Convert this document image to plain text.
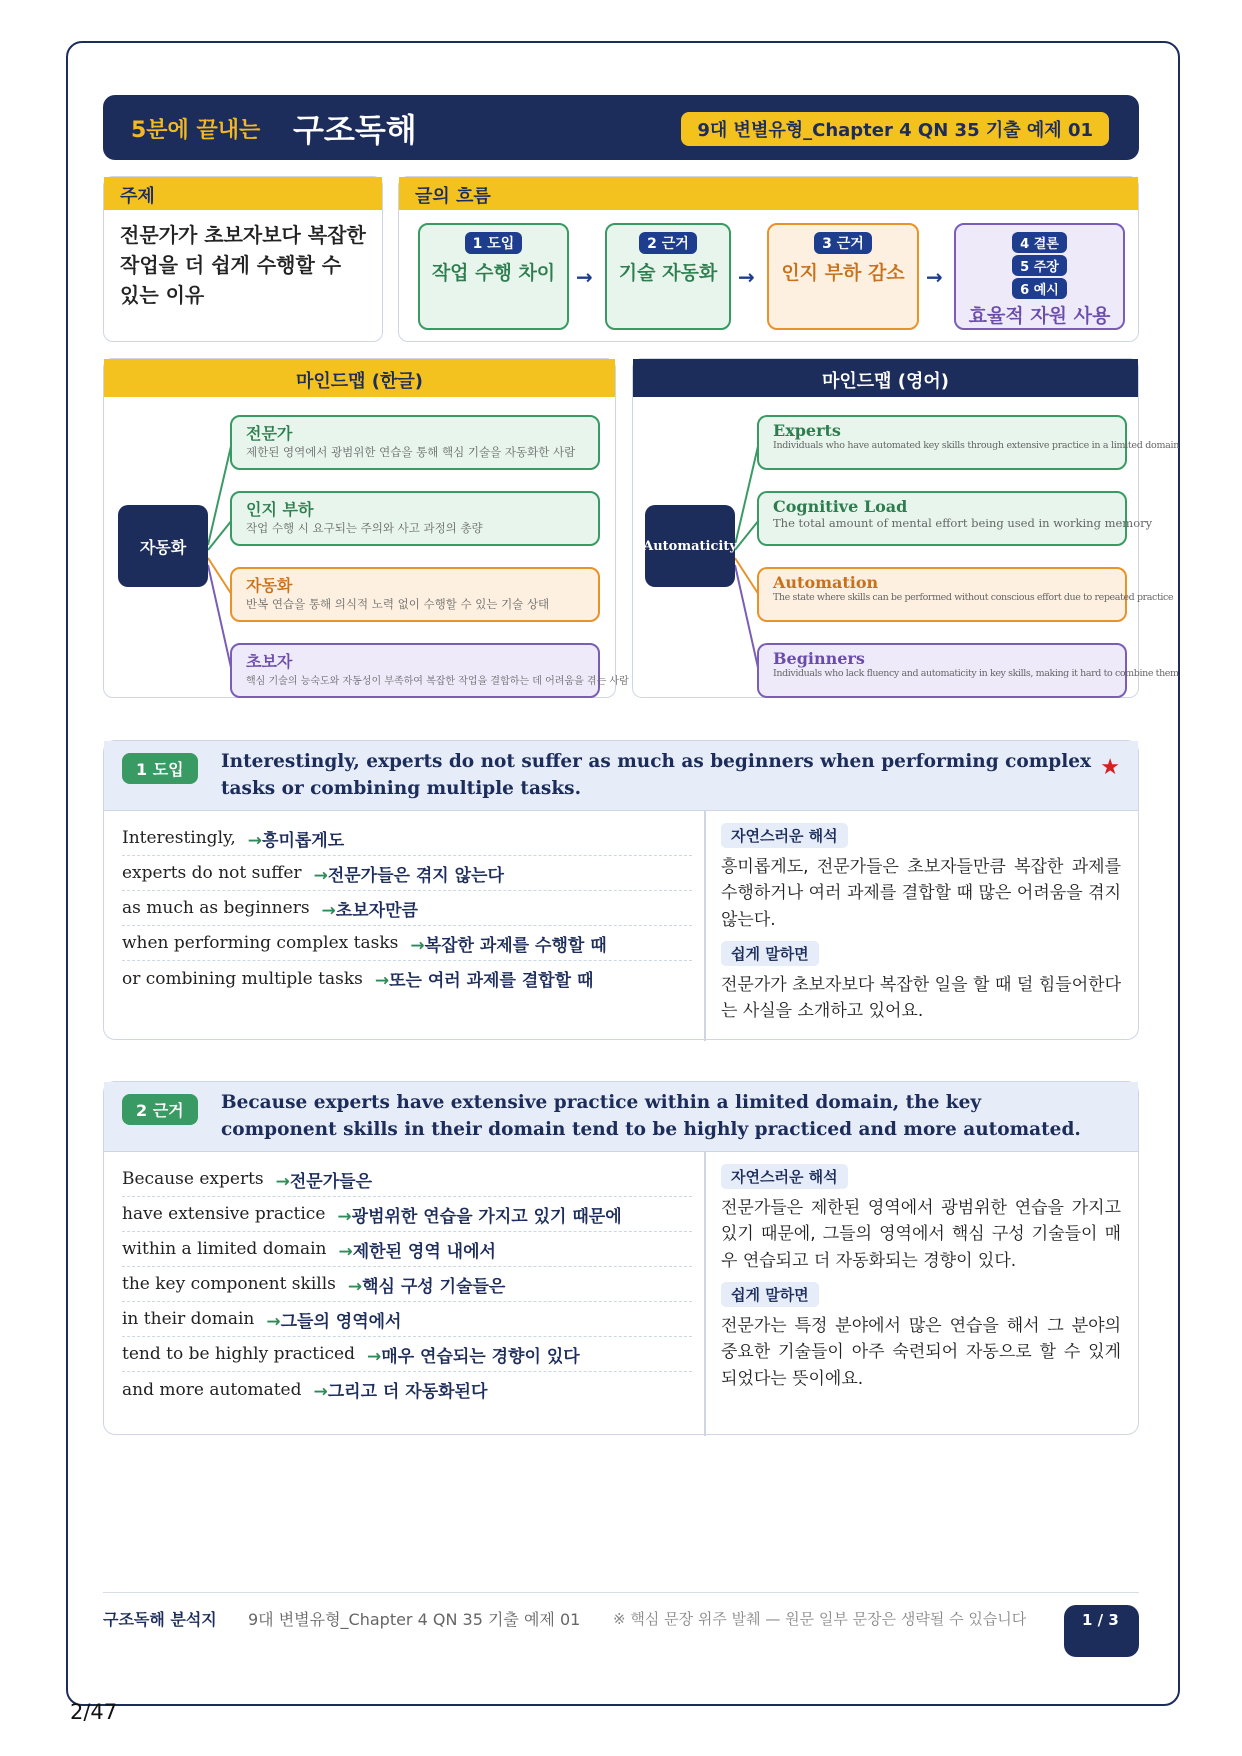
5분에 끝내는 구조독해	9대 변별유형_Chapter 4 QN 35 기출 예제 01
주제
전문가가 초보자보다 복잡한 작업을 더 쉽게 수행할 수 있는 이유
글의 흐름
1 도입
작업 수행 차이	→
2 근거
기술 자동화	→
3 근거
인지 부하 감소	→
4 결론
5 주장
6 예시
효율적 자원 사용
마인드맵 (한글)
자동화
전문가
제한된 영역에서 광범위한 연습을 통해 핵심 기술을 자동화한 사람
인지 부하
작업 수행 시 요구되는 주의와 사고 과정의 총량
자동화
반복 연습을 통해 의식적 노력 없이 수행할 수 있는 기술 상태
초보자
핵심 기술의 능숙도와 자동성이 부족하여 복잡한 작업을 결합하는 데 어려움을 겪는 사람
마인드맵 (영어)
Automaticity
Experts
Individuals who have automated key skills through extensive practice in a limited domain
Cognitive Load
The total amount of mental effort being used in working memory
Automation
The state where skills can be performed without conscious effort due to repeated practice
Beginners
Individuals who lack fluency and automaticity in key skills, making it hard to combine them
1 도입	Interestingly, experts do not suffer as much as beginners when performing complex tasks or combining multiple tasks.
★
Interestingly, →흥미롭게도
experts do not suffer →전문가들은 겪지 않는다
as much as beginners →초보자만큼
when performing complex tasks →복잡한 과제를 수행할 때
or combining multiple tasks →또는 여러 과제를 결합할 때
자연스러운 해석
흥미롭게도, 전문가들은 초보자들만큼 복잡한 과제를 수행하거나 여러 과제를 결합할 때 많은 어려움을 겪지 않는다.
쉽게 말하면
전문가가 초보자보다 복잡한 일을 할 때 덜 힘들어한다는 사실을 소개하고 있어요.
2 근거	Because experts have extensive practice within a limited domain, the key component skills in their domain tend to be highly practiced and more automated.
Because experts →전문가들은
have extensive practice →광범위한 연습을 가지고 있기 때문에
within a limited domain →제한된 영역 내에서
the key component skills →핵심 구성 기술들은
in their domain →그들의 영역에서
tend to be highly practiced →매우 연습되는 경향이 있다
and more automated →그리고 더 자동화된다
자연스러운 해석
전문가들은 제한된 영역에서 광범위한 연습을 가지고 있기 때문에, 그들의 영역에서 핵심 구성 기술들이 매우 연습되고 더 자동화되는 경향이 있다.
쉽게 말하면
전문가는 특정 분야에서 많은 연습을 해서 그 분야의 중요한 기술들이 아주 숙련되어 자동으로 할 수 있게 되었다는 뜻이에요.
구조독해 분석지 9대 변별유형_Chapter 4 QN 35 기출 예제 01	※ 핵심 문장 위주 발췌 — 원문 일부 문장은 생략될 수 있습니다	1 / 3
2/47
